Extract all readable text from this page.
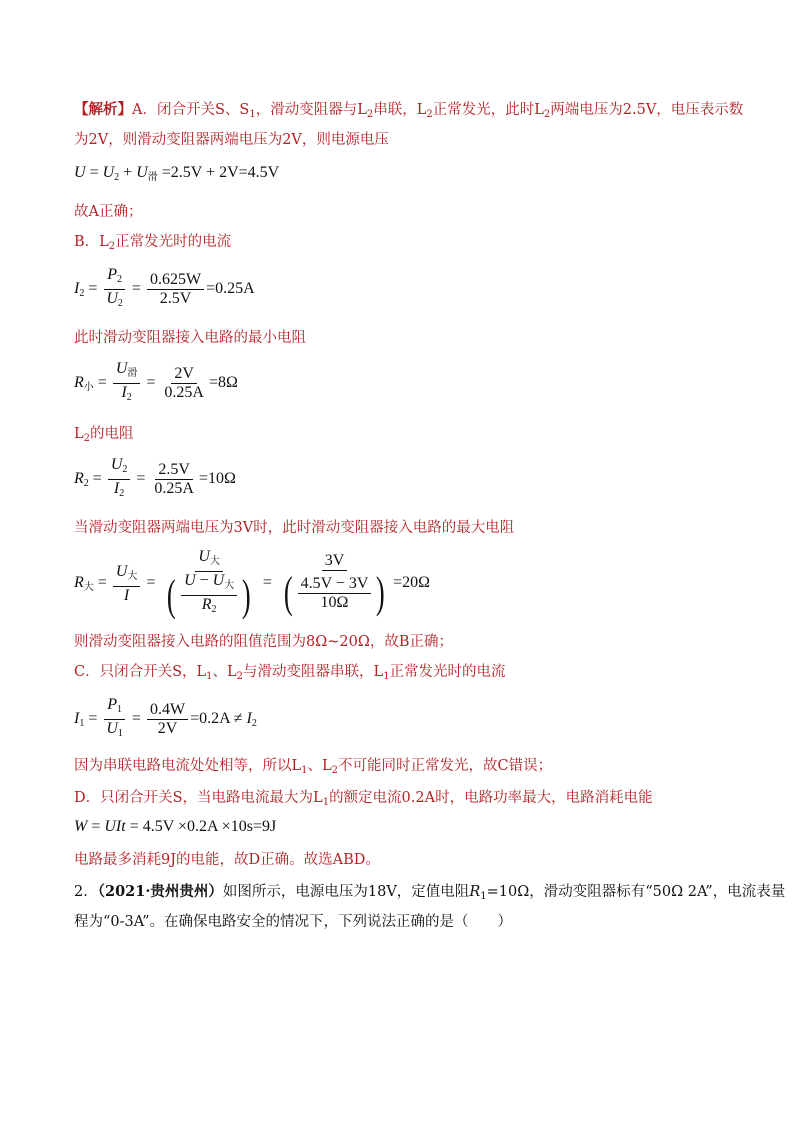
【解析】A．闭合开关S、$S_1$，滑动变阻器与$L_2$串联，$L_2$正常发光，此时$L_2$两端电压为2.5V，电压表示数
为2V，则滑动变阻器两端电压为2V，则电源电压
$U = U_2 + U_滑 =2.5V + 2V=4.5V$
故A正确；
B．$L_2$正常发光时的电流
$I_2 = \frac{P_2}{U_2} = \frac{0.625W}{2.5V} =0.25A$
此时滑动变阻器接入电路的最小电阻
$R_小 = \frac{U_滑}{I_2} = \frac{2V}{0.25A} =8\Omega$
$L_2$的电阻
$R_2 = \frac{U_2}{I_2} = \frac{2.5V}{0.25A} =10\Omega$
当滑动变阻器两端电压为3V时，此时滑动变阻器接入电路的最大电阻
$R_大 = \frac{U_大}{I} = \frac{U_大}{( \frac{U - U_大}{R_2} )} = \frac{3V}{( \frac{4.5V - 3V}{10\Omega} )} =20\Omega$
则滑动变阻器接入电路的阻值范围为8Ω~20Ω，故B正确；
C．只闭合开关S，$L_1$、$L_2$与滑动变阻器串联，$L_1$正常发光时的电流
$I_1 = \frac{P_1}{U_1} = \frac{0.4W}{2V} =0.2A \ne I_2$
因为串联电路电流处处相等，所以$L_1$、$L_2$不可能同时正常发光，故C错误；
D．只闭合开关S，当电路电流最大为$L_1$的额定电流0.2A时，电路功率最大，电路消耗电能
W = UIt = 4.5V ×0.2A ×10s=9J
电路最多消耗9J的电能，故D正确。故选ABD。
2．（2021·贵州贵州）如图所示，电源电压为18V，定值电阻$R_1=10\Omega$，滑动变阻器标有“50Ω 2A”，电流表量
程为“0-3A”。在确保电路安全的情况下，下列说法正确的是（　　）
